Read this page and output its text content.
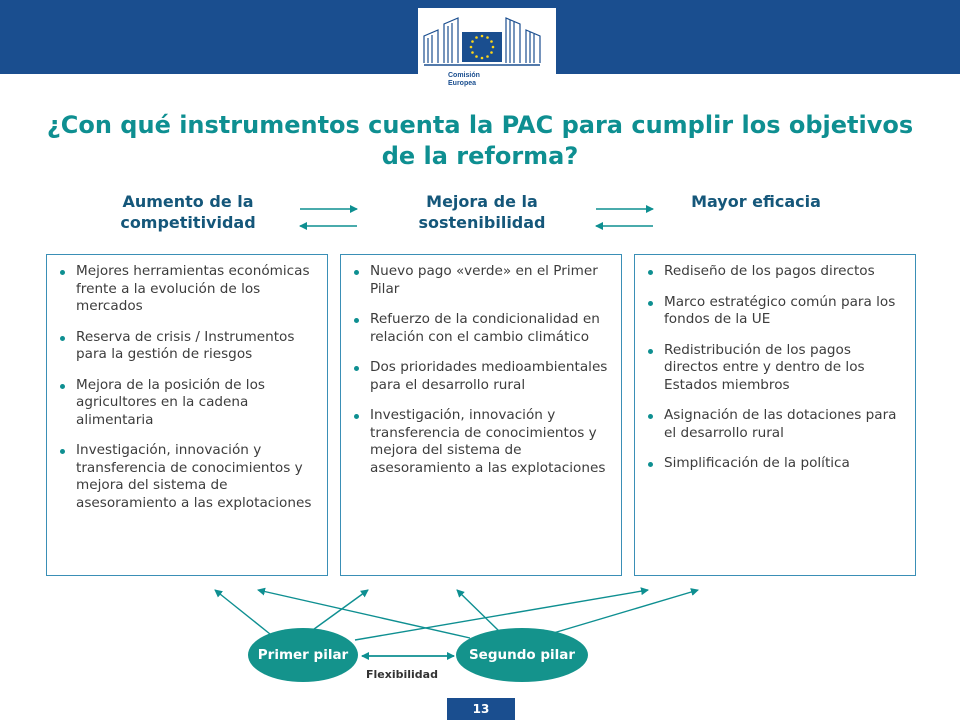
Comisión
Europea
¿Con qué instrumentos cuenta la PAC para cumplir los objetivos de la reforma?
Aumento de la competitividad
Mejora de la sostenibilidad
Mayor eficacia
Mejores herramientas económicas frente a la evolución de los mercados
Reserva de crisis / Instrumentos para la gestión de riesgos
Mejora de la posición de los agricultores en la cadena alimentaria
Investigación, innovación y transferencia de conocimientos y mejora del sistema de asesoramiento a las explotaciones
Nuevo pago «verde» en el Primer Pilar
Refuerzo de la condicionalidad en relación con el cambio climático
Dos prioridades medioambientales para el desarrollo rural
Investigación, innovación y transferencia de conocimientos y mejora del sistema de asesoramiento a las explotaciones
Rediseño de los pagos directos
Marco estratégico común para los fondos de la UE
Redistribución de los pagos directos entre y dentro de los Estados miembros
Asignación de las dotaciones para el desarrollo rural
Simplificación de la política
Primer pilar	Segundo pilar
Flexibilidad
13
